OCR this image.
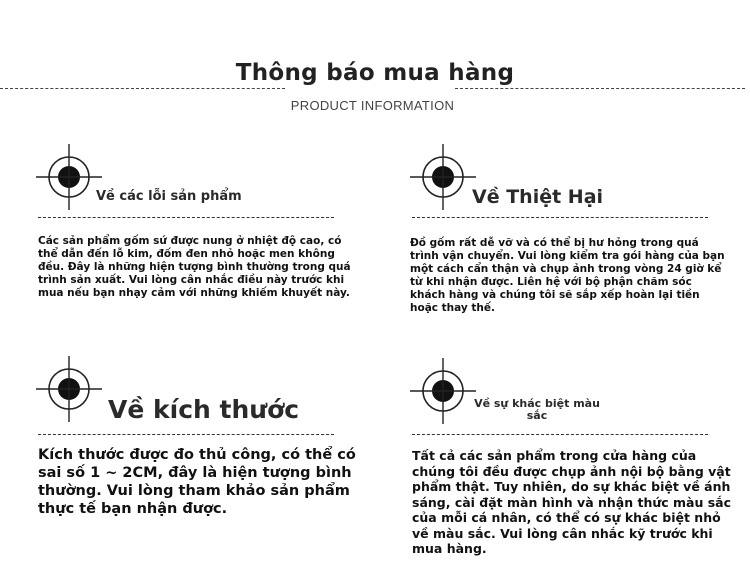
Thông báo mua hàng
PRODUCT INFORMATION
Về các lỗi sản phẩm
Các sản phẩm gốm sứ được nung ở nhiệt độ cao, có thể dẫn đến lỗ kim, đốm đen nhỏ hoặc men không đều. Đây là những hiện tượng bình thường trong quá trình sản xuất. Vui lòng cân nhắc điều này trước khi mua nếu bạn nhạy cảm với những khiếm khuyết này.
Về Thiệt Hại
Đồ gốm rất dễ vỡ và có thể bị hư hỏng trong quá trình vận chuyển. Vui lòng kiểm tra gói hàng của bạn một cách cẩn thận và chụp ảnh trong vòng 24 giờ kể từ khi nhận được. Liên hệ với bộ phận chăm sóc khách hàng và chúng tôi sẽ sắp xếp hoàn lại tiền hoặc thay thế.
Về kích thước
Kích thước được đo thủ công, có thể có sai số 1 ~ 2CM, đây là hiện tượng bình thường. Vui lòng tham khảo sản phẩm thực tế bạn nhận được.
Về sự khác biệt màu sắc
Tất cả các sản phẩm trong cửa hàng của chúng tôi đều được chụp ảnh nội bộ bằng vật phẩm thật. Tuy nhiên, do sự khác biệt về ánh sáng, cài đặt màn hình và nhận thức màu sắc của mỗi cá nhân, có thể có sự khác biệt nhỏ về màu sắc. Vui lòng cân nhắc kỹ trước khi mua hàng.
